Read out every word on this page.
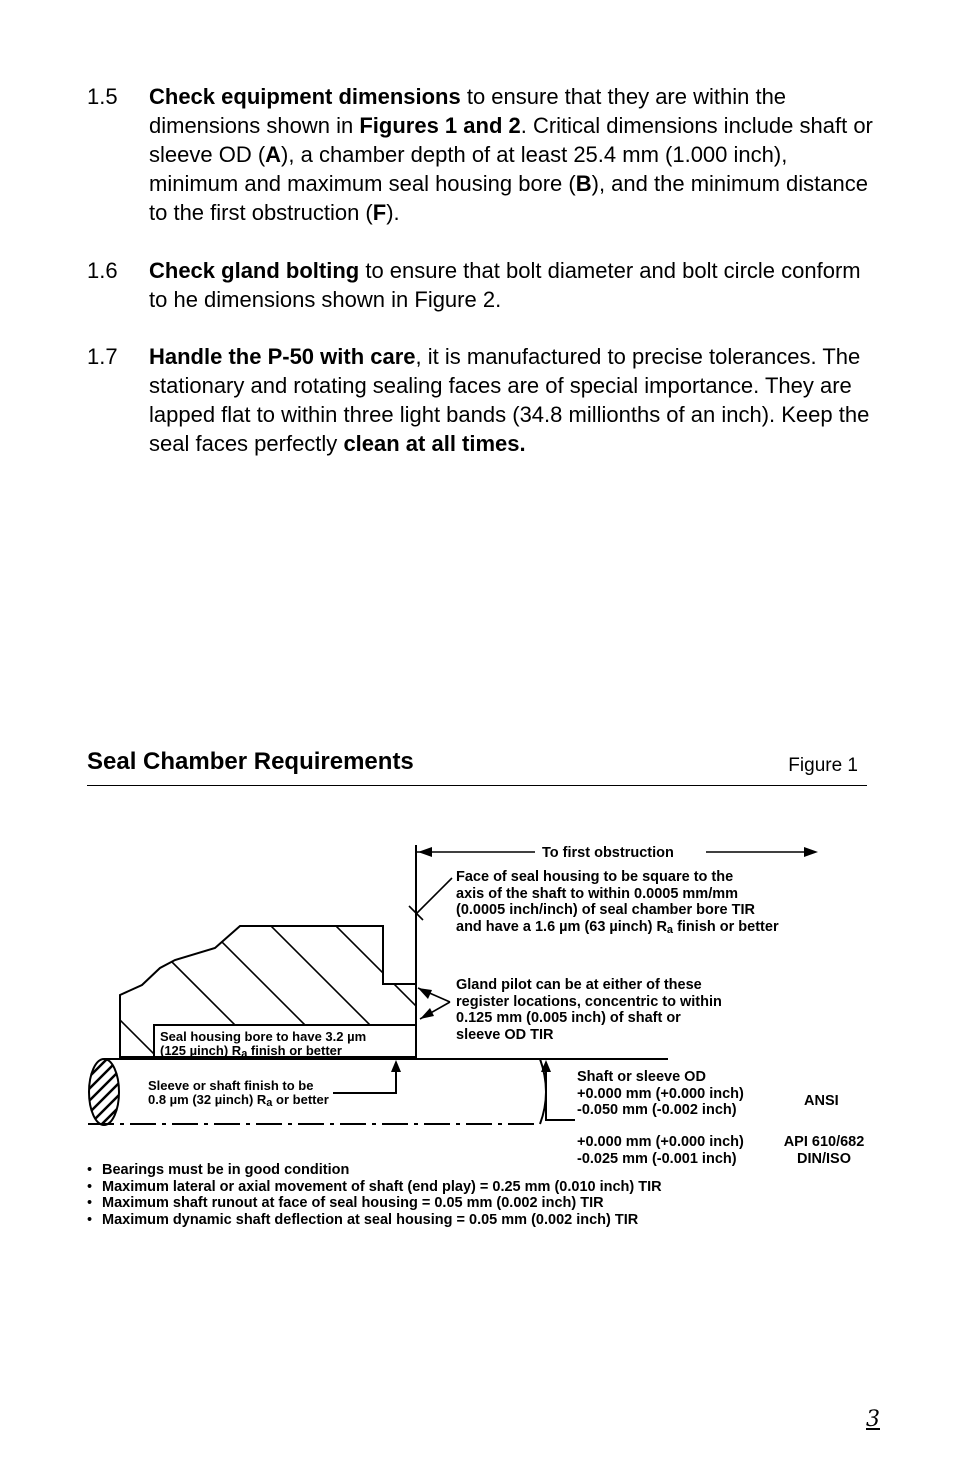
1.5	Check equipment dimensions to ensure that they are within the dimensions shown in Figures 1 and 2. Critical dimensions include shaft or sleeve OD (A), a chamber depth of at least 25.4 mm (1.000 inch), minimum and maximum seal housing bore (B), and the minimum distance to the first obstruction (F).
1.6	Check gland bolting to ensure that bolt diameter and bolt circle conform to he dimensions shown in Figure 2.
1.7	Handle the P-50 with care, it is manufactured to precise tolerances. The stationary and rotating sealing faces are of special importance. They are lapped flat to within three light bands (34.8 millionths of an inch). Keep the seal faces perfectly clean at all times.
Seal Chamber Requirements	Figure 1
To first obstruction
Face of seal housing to be square to the
axis of the shaft to within 0.0005 mm/mm
(0.0005 inch/inch) of seal chamber bore TIR
and have a 1.6 µm (63 µinch) $R_a$ finish or better
Gland pilot can be at either of these
register locations, concentric to within
0.125 mm (0.005 inch) of shaft or
sleeve OD TIR
Seal housing bore to have 3.2 µm
(125 µinch) $R_a$ finish or better
Sleeve or shaft finish to be
0.8 µm (32 µinch) $R_a$ or better
Shaft or sleeve OD
+0.000 mm (+0.000 inch)
-0.050 mm (-0.002 inch)
ANSI
+0.000 mm (+0.000 inch)
-0.025 mm (-0.001 inch)
API 610/682
DIN/ISO
• Bearings must be in good condition
• Maximum lateral or axial movement of shaft (end play) = 0.25 mm (0.010 inch) TIR
• Maximum shaft runout at face of seal housing = 0.05 mm (0.002 inch) TIR
• Maximum dynamic shaft deflection at seal housing = 0.05 mm (0.002 inch) TIR
3
